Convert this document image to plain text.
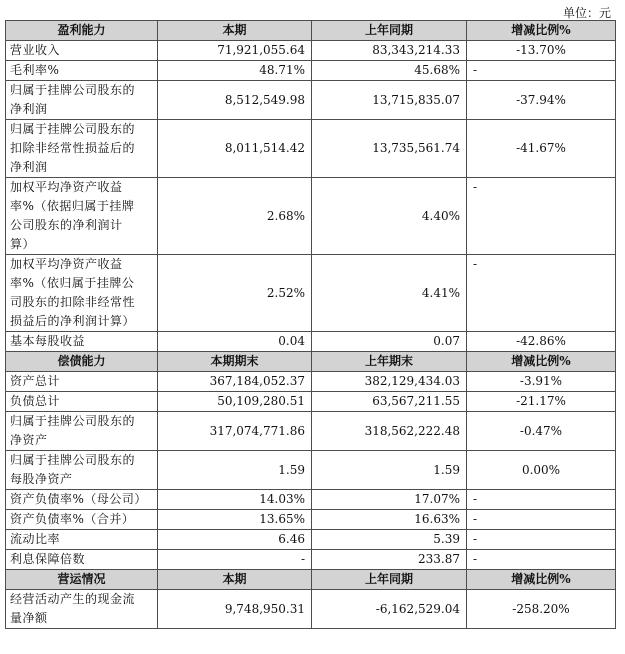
单位：元
盈利能力	本期	上年同期	增减比例%
营业收入	71,921,055.64	83,343,214.33	-13.70%
毛利率%	48.71%	45.68%	-
归属于挂牌公司股东的
净利润	8,512,549.98	13,715,835.07	-37.94%
归属于挂牌公司股东的
扣除非经常性损益后的
净利润	8,011,514.42	13,735,561.74	-41.67%
加权平均净资产收益
率%（依据归属于挂牌
公司股东的净利润计
算）	2.68%	4.40%	-
加权平均净资产收益
率%（依归属于挂牌公
司股东的扣除非经常性
损益后的净利润计算）	2.52%	4.41%	-
基本每股收益	0.04	0.07	-42.86%
偿债能力	本期期末	上年期末	增减比例%
资产总计	367,184,052.37	382,129,434.03	-3.91%
负债总计	50,109,280.51	63,567,211.55	-21.17%
归属于挂牌公司股东的
净资产	317,074,771.86	318,562,222.48	-0.47%
归属于挂牌公司股东的
每股净资产	1.59	1.59	0.00%
资产负债率%（母公司）	14.03%	17.07%	-
资产负债率%（合并）	13.65%	16.63%	-
流动比率	6.46	5.39	-
利息保障倍数	-	233.87	-
营运情况	本期	上年同期	增减比例%
经营活动产生的现金流
量净额	9,748,950.31	-6,162,529.04	-258.20%
